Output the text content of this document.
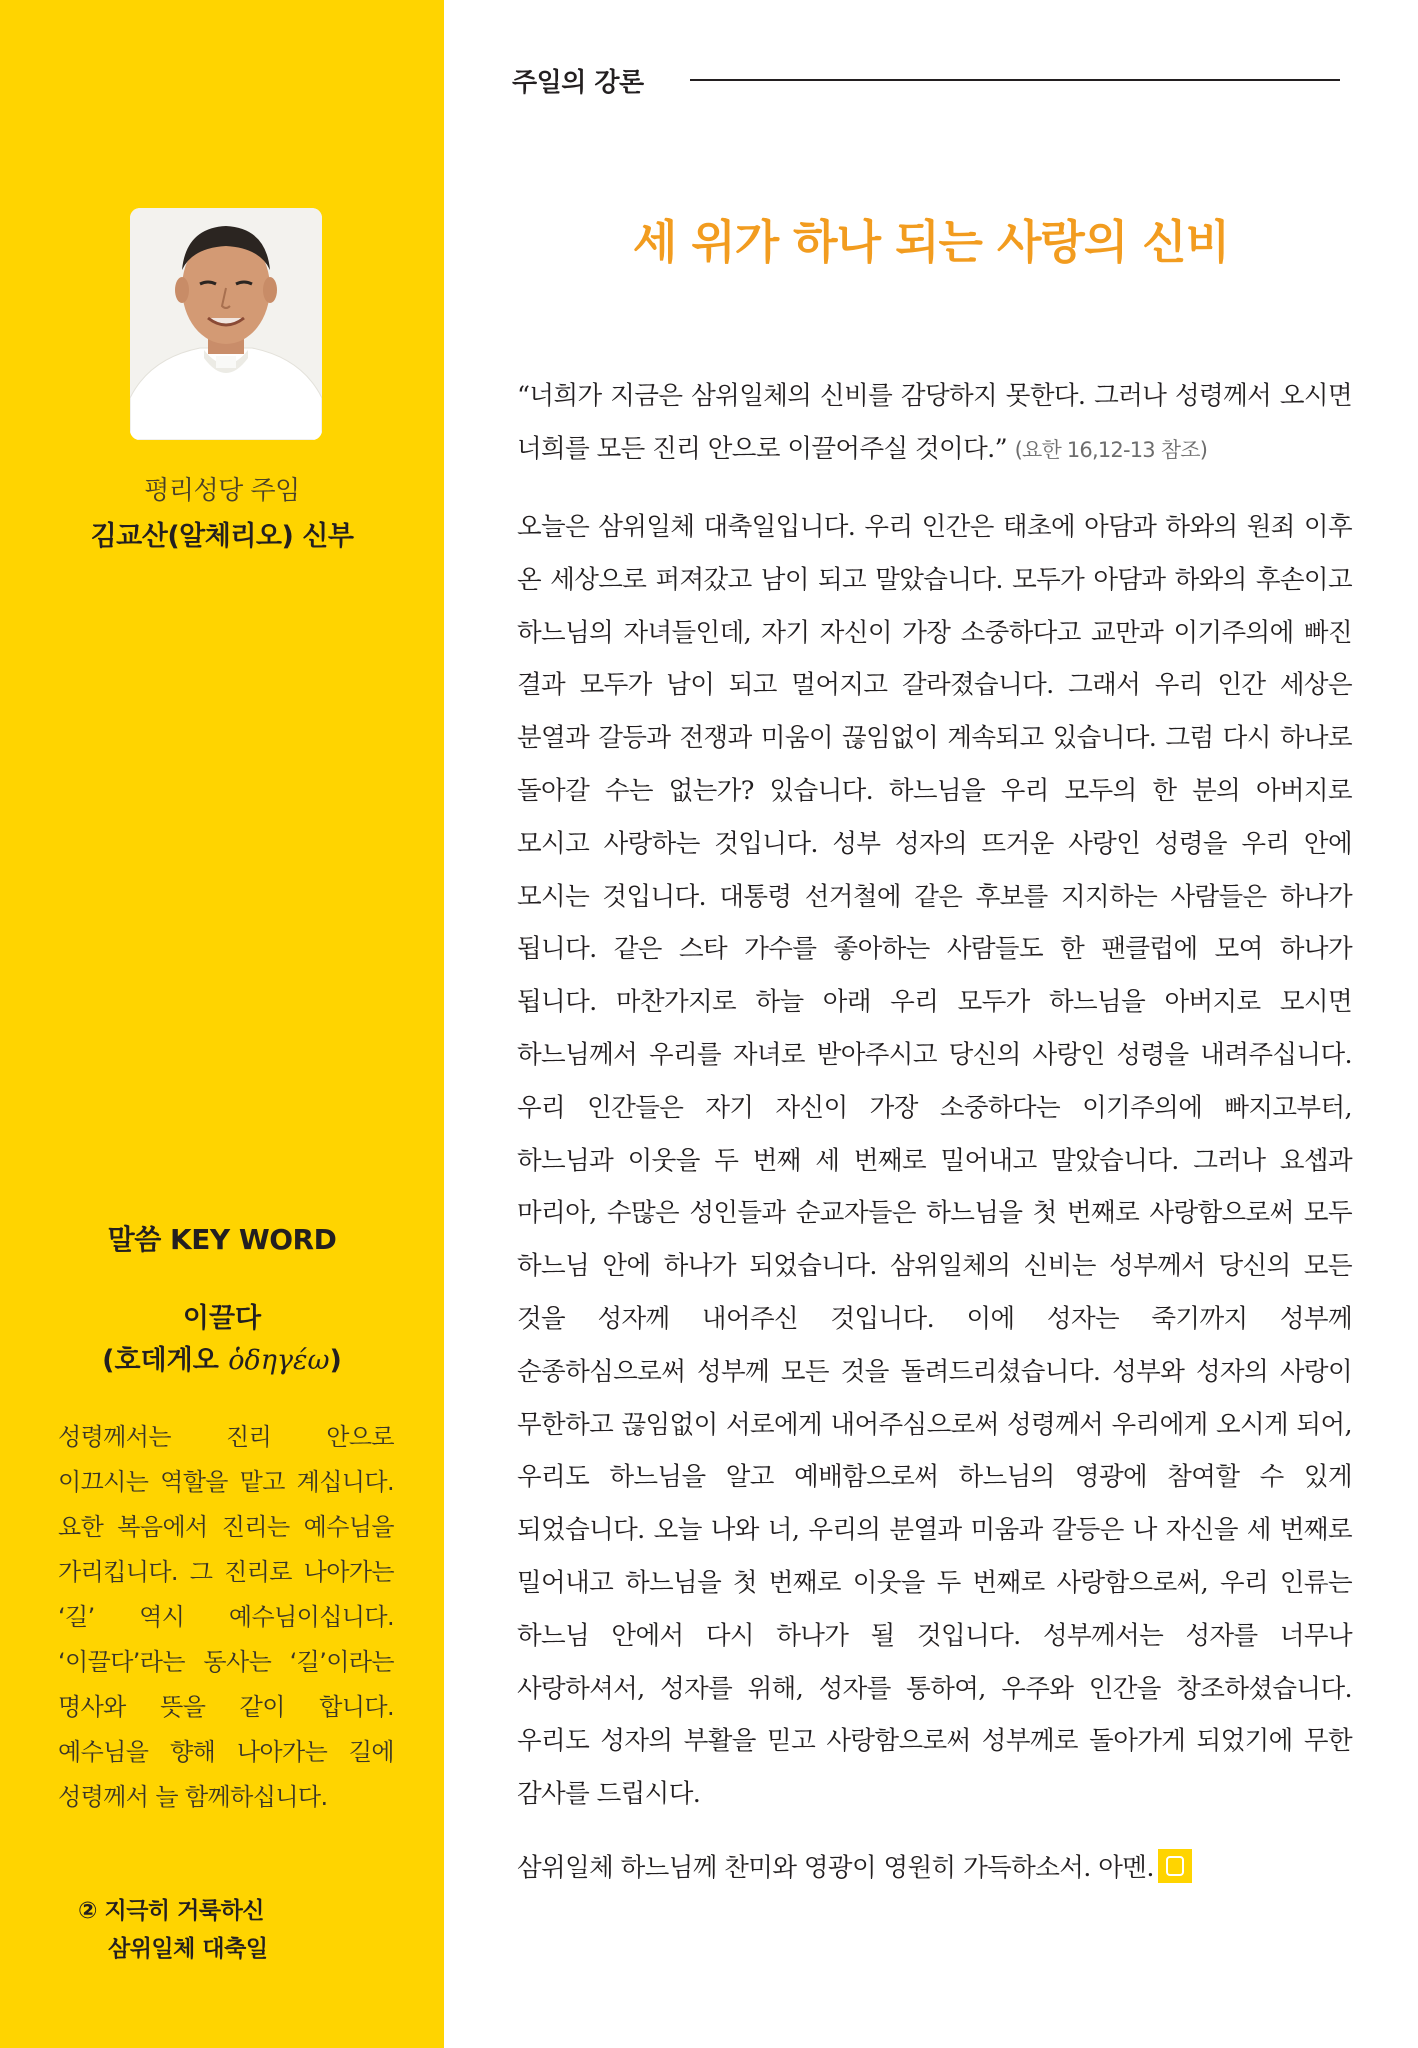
평리성당 주임
김교산(알체리오) 신부
말씀 KEY WORD
이끌다
(호데게오 ὁδηγέω)

성령께서는 진리 안으로 이끄시는 역할을 맡고 계십니다. 요한 복음에서 진리는 예수님을 가리킵니다. 그 진리로 나아가는 ‘길’ 역시 예수님이십니다. ‘이끌다’라는 동사는 ‘길’이라는 명사와 뜻을 같이 합니다. 예수님을 향해 나아가는 길에 성령께서 늘 함께하십니다.

② 지극히 거룩하신
삼위일체 대축일
주일의 강론
세 위가 하나 되는 사랑의 신비

“너희가 지금은 삼위일체의 신비를 감당하지 못한다. 그러나 성령께서 오시면 너희를 모든 진리 안으로 이끌어주실 것이다.” (요한 16,12-13 참조)

오늘은 삼위일체 대축일입니다. 우리 인간은 태초에 아담과 하와의 원죄 이후 온 세상으로 퍼져갔고 남이 되고 말았습니다. 모두가 아담과 하와의 후손이고 하느님의 자녀들인데, 자기 자신이 가장 소중하다고 교만과 이기주의에 빠진 결과 모두가 남이 되고 멀어지고 갈라졌습니다. 그래서 우리 인간 세상은 분열과 갈등과 전쟁과 미움이 끊임없이 계속되고 있습니다. 그럼 다시 하나로 돌아갈 수는 없는가? 있습니다. 하느님을 우리 모두의 한 분의 아버지로 모시고 사랑하는 것입니다. 성부 성자의 뜨거운 사랑인 성령을 우리 안에 모시는 것입니다. 대통령 선거철에 같은 후보를 지지하는 사람들은 하나가 됩니다. 같은 스타 가수를 좋아하는 사람들도 한 팬클럽에 모여 하나가 됩니다. 마찬가지로 하늘 아래 우리 모두가 하느님을 아버지로 모시면 하느님께서 우리를 자녀로 받아주시고 당신의 사랑인 성령을 내려주십니다. 우리 인간들은 자기 자신이 가장 소중하다는 이기주의에 빠지고부터, 하느님과 이웃을 두 번째 세 번째로 밀어내고 말았습니다. 그러나 요셉과 마리아, 수많은 성인들과 순교자들은 하느님을 첫 번째로 사랑함으로써 모두 하느님 안에 하나가 되었습니다. 삼위일체의 신비는 성부께서 당신의 모든 것을 성자께 내어주신 것입니다. 이에 성자는 죽기까지 성부께 순종하심으로써 성부께 모든 것을 돌려드리셨습니다. 성부와 성자의 사랑이 무한하고 끊임없이 서로에게 내어주심으로써 성령께서 우리에게 오시게 되어, 우리도 하느님을 알고 예배함으로써 하느님의 영광에 참여할 수 있게 되었습니다. 오늘 나와 너, 우리의 분열과 미움과 갈등은 나 자신을 세 번째로 밀어내고 하느님을 첫 번째로 이웃을 두 번째로 사랑함으로써, 우리 인류는 하느님 안에서 다시 하나가 될 것입니다. 성부께서는 성자를 너무나 사랑하셔서, 성자를 위해, 성자를 통하여, 우주와 인간을 창조하셨습니다. 우리도 성자의 부활을 믿고 사랑함으로써 성부께로 돌아가게 되었기에 무한 감사를 드립시다.

삼위일체 하느님께 찬미와 영광이 영원히 가득하소서. 아멘.
